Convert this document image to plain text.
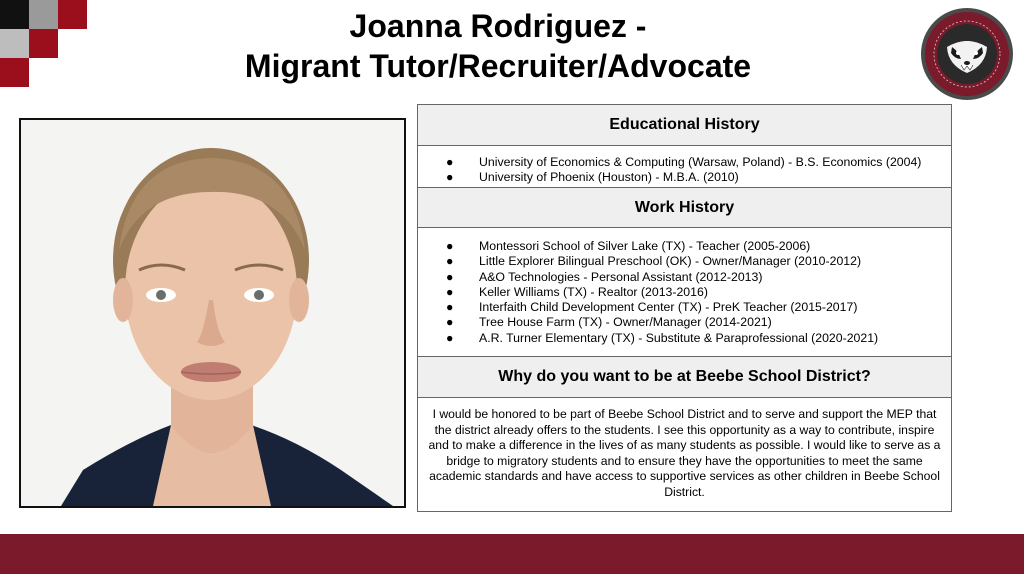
Joanna Rodriguez -
Migrant Tutor/Recruiter/Advocate
Educational History
● University of Economics & Computing (Warsaw, Poland) - B.S. Economics (2004)
● University of Phoenix (Houston) - M.B.A. (2010)
Work History
● Montessori School of Silver Lake (TX) - Teacher (2005-2006)
● Little Explorer Bilingual Preschool (OK) - Owner/Manager (2010-2012)
● A&O Technologies - Personal Assistant (2012-2013)
● Keller Williams (TX) - Realtor (2013-2016)
● Interfaith Child Development Center (TX) - PreK Teacher (2015-2017)
● Tree House Farm (TX) - Owner/Manager (2014-2021)
● A.R. Turner Elementary (TX) - Substitute & Paraprofessional (2020-2021)
Why do you want to be at Beebe School District?
I would be honored to be part of Beebe School District and to serve and support the MEP that the district already offers to the students. I see this opportunity as a way to contribute, inspire and to make a difference in the lives of as many students as possible. I would like to serve as a bridge to migratory students and to ensure they have the opportunities to meet the same academic standards and have access to supportive services as other children in Beebe School District.
